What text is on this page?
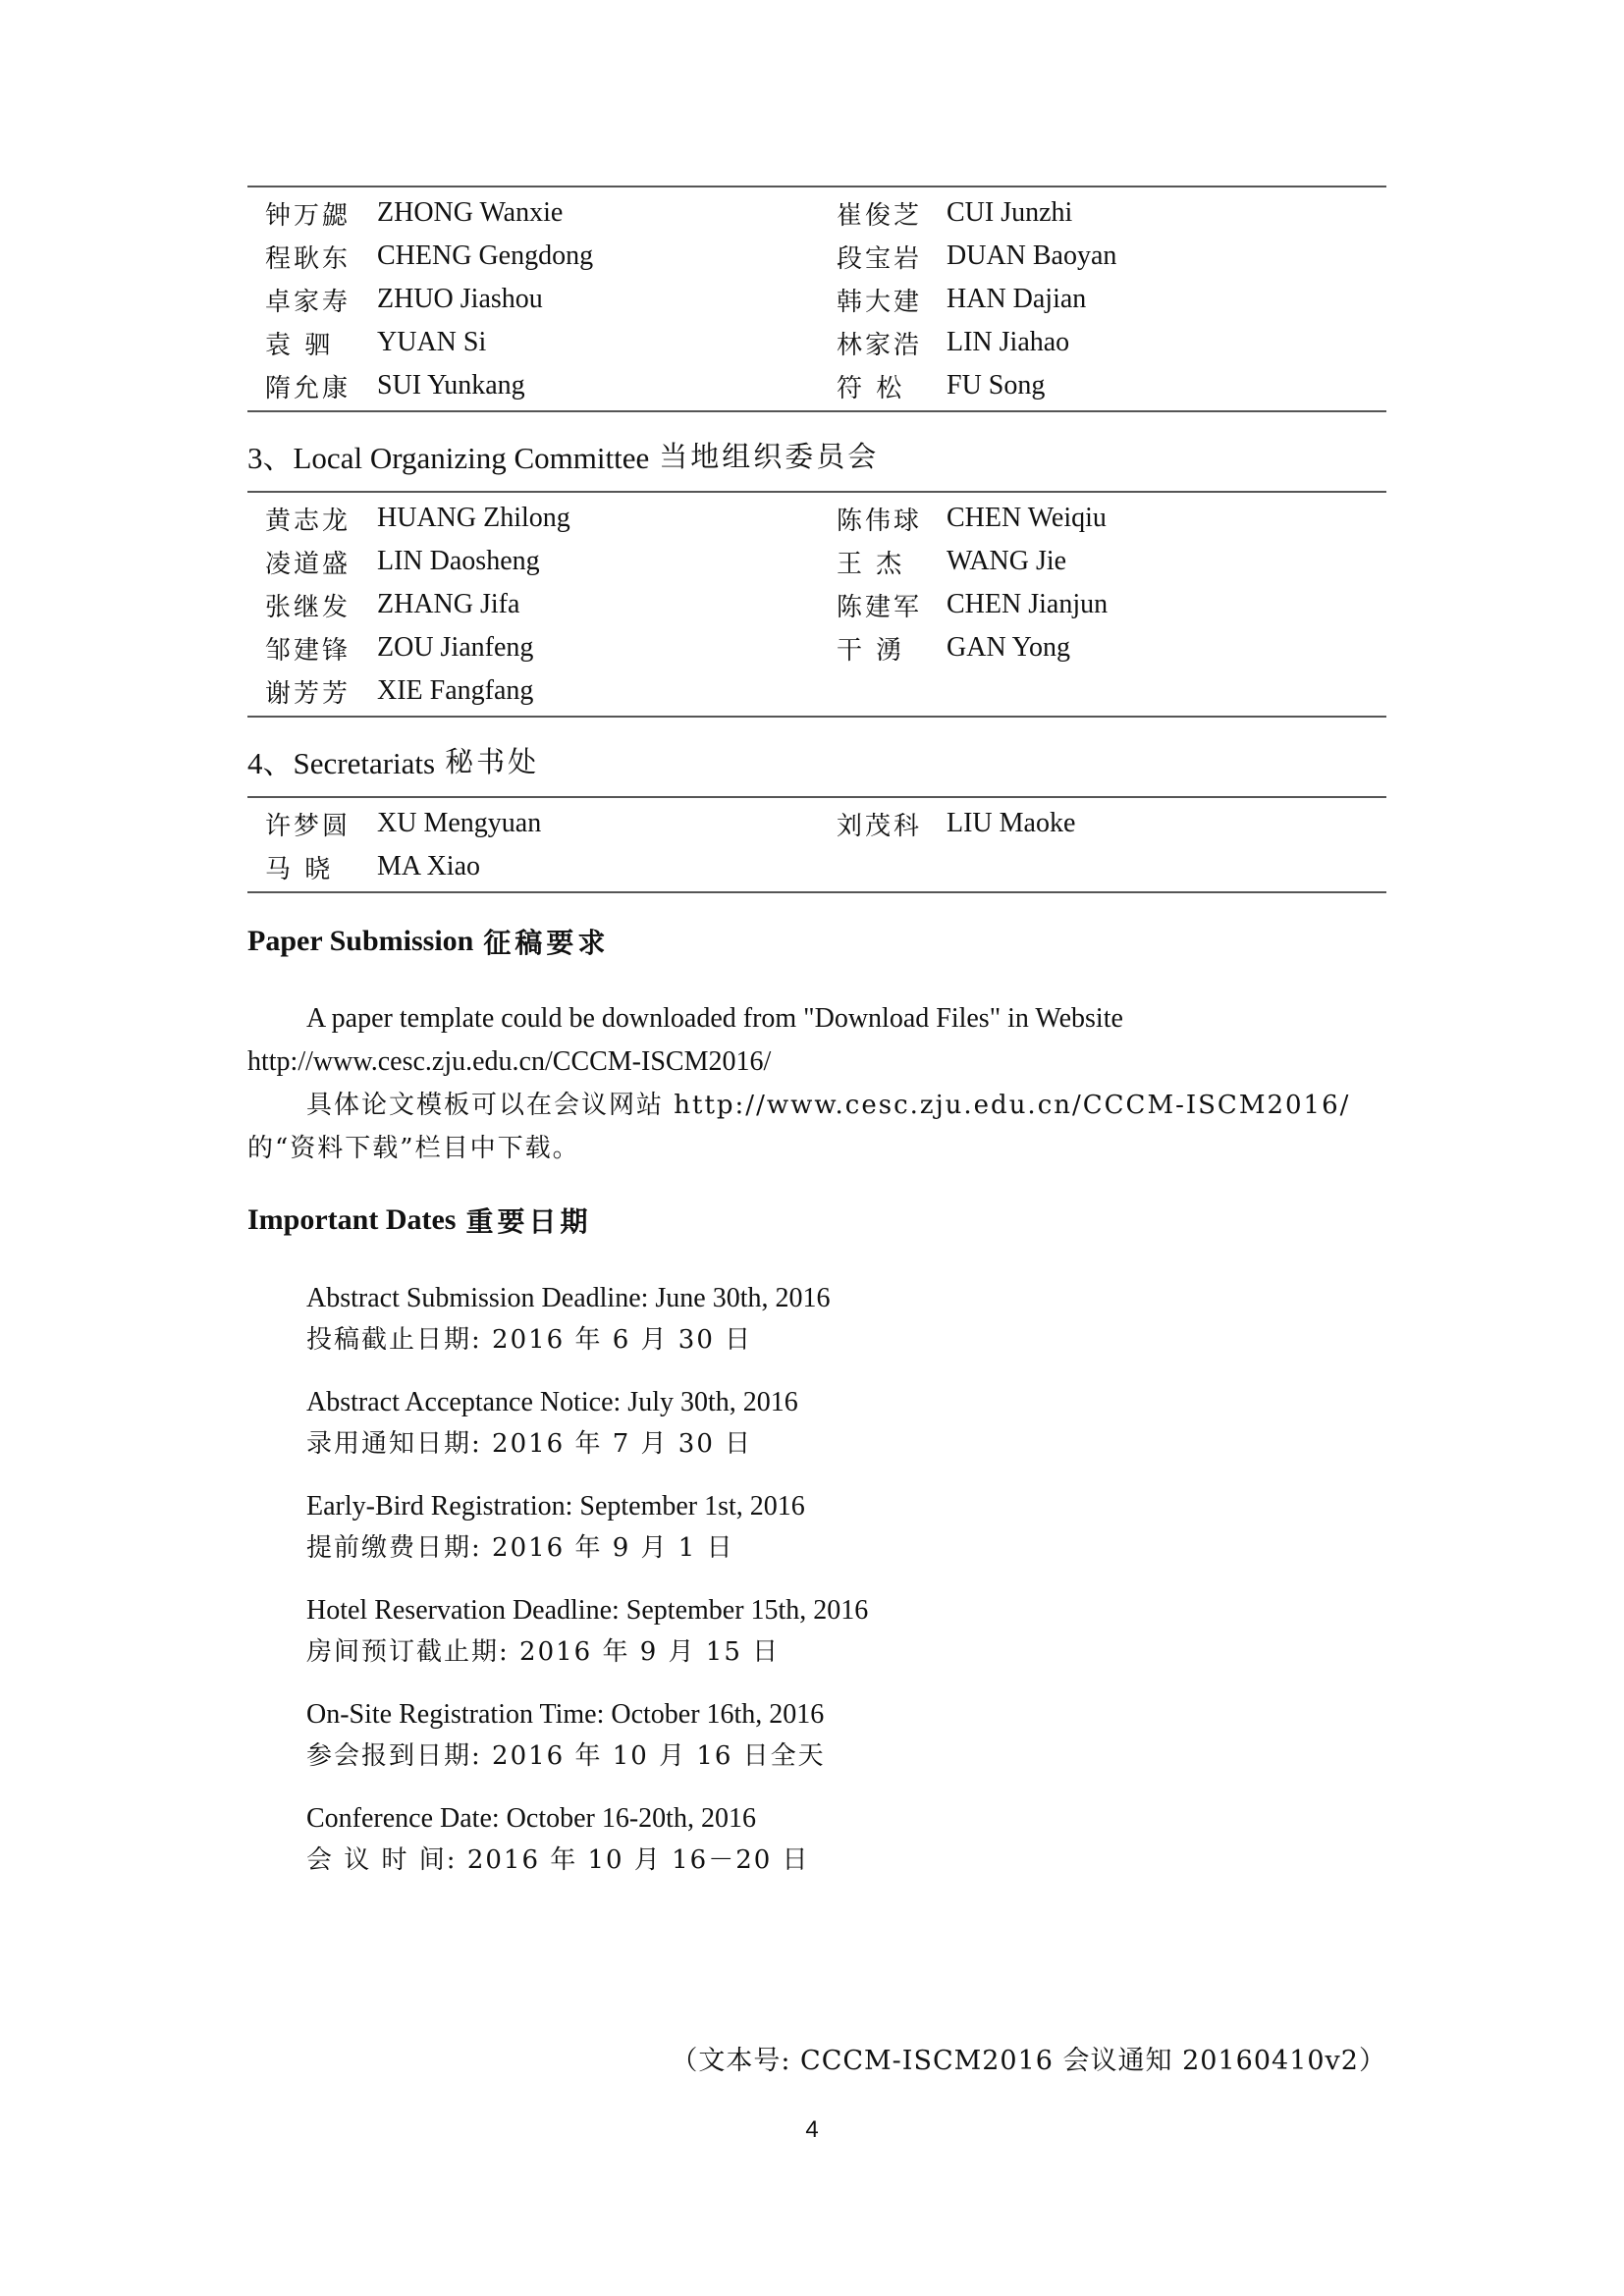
钟万勰 ZHONG Wanxie	崔俊芝 CUI Junzhi
程耿东 CHENG Gengdong	段宝岩 DUAN Baoyan
卓家寿 ZHUO Jiashou	韩大建 HAN Dajian
袁 驷	YUAN Si	林家浩 LIN Jiahao
隋允康 SUI Yunkang	符 松	FU Song
3、Local Organizing Committee 当地组织委员会
黄志龙 HUANG Zhilong	陈伟球 CHEN Weiqiu
凌道盛 LIN Daosheng	王 杰	WANG Jie
张继发 ZHANG Jifa	陈建军 CHEN Jianjun
邹建锋 ZOU Jianfeng	干 湧	GAN Yong
谢芳芳 XIE Fangfang
4、Secretariats 秘书处
许梦圆 XU Mengyuan	刘茂科 LIU Maoke
马 晓	MA Xiao
Paper Submission 征稿要求
A paper template could be downloaded from "Download Files" in Website
http://www.cesc.zju.edu.cn/CCCM-ISCM2016/
具体论文模板可以在会议网站 http://www.cesc.zju.edu.cn/CCCM-ISCM2016/的“资料下载”栏目中下载。
Important Dates 重要日期
Abstract Submission Deadline: June 30th, 2016
投稿截止日期: 2016 年 6 月 30 日
Abstract Acceptance Notice: July 30th, 2016
录用通知日期: 2016 年 7 月 30 日
Early-Bird Registration: September 1st, 2016
提前缴费日期: 2016 年 9 月 1 日
Hotel Reservation Deadline: September 15th, 2016
房间预订截止期: 2016 年 9 月 15 日
On-Site Registration Time: October 16th, 2016
参会报到日期: 2016 年 10 月 16 日全天
Conference Date: October 16-20th, 2016
会 议 时 间: 2016 年 10 月 16－20 日
（文本号: CCCM-ISCM2016 会议通知 20160410v2）
4
